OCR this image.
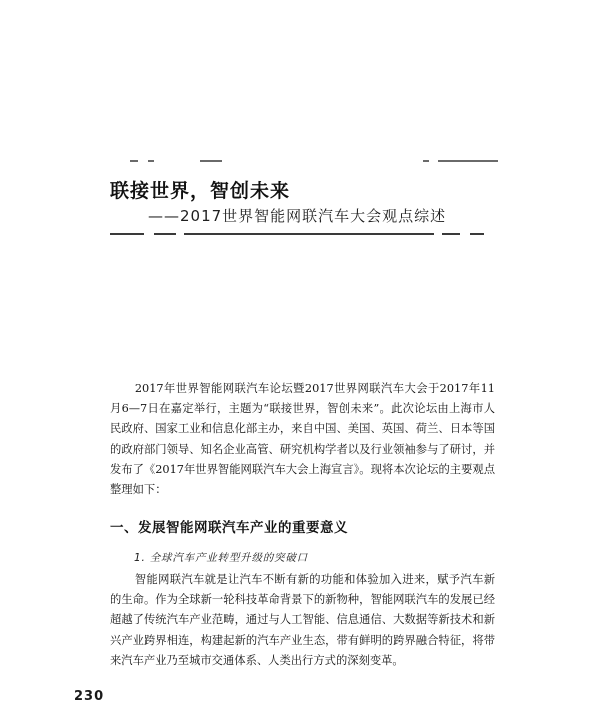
联接世界，智创未来
——2017世界智能网联汽车大会观点综述

2017年世界智能网联汽车论坛暨2017世界网联汽车大会于2017年11月6—7日在嘉定举行，主题为“联接世界，智创未来”。此次论坛由上海市人民政府、国家工业和信息化部主办，来自中国、美国、英国、荷兰、日本等国的政府部门领导、知名企业高管、研究机构学者以及行业领袖参与了研讨，并发布了《2017年世界智能网联汽车大会上海宣言》。现将本次论坛的主要观点整理如下：

一、发展智能网联汽车产业的重要意义
1. 全球汽车产业转型升级的突破口

智能网联汽车就是让汽车不断有新的功能和体验加入进来，赋予汽车新的生命。作为全球新一轮科技革命背景下的新物种，智能网联汽车的发展已经超越了传统汽车产业范畴，通过与人工智能、信息通信、大数据等新技术和新兴产业跨界相连，构建起新的汽车产业生态，带有鲜明的跨界融合特征，将带来汽车产业乃至城市交通体系、人类出行方式的深刻变革。

230
